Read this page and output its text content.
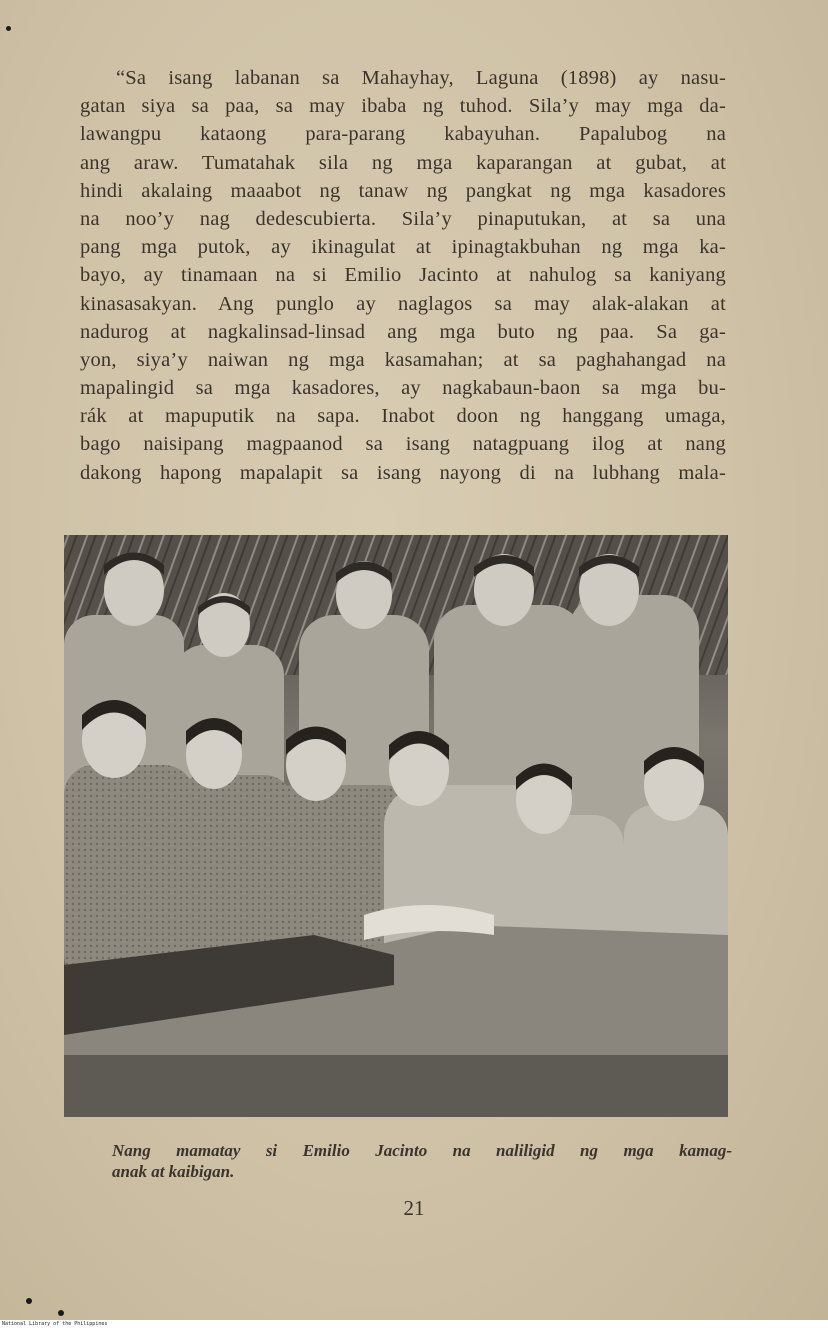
“Sa isang labanan sa Mahayhay, Laguna (1898) ay nasu-
gatan siya sa paa, sa may ibaba ng tuhod. Sila’y may mga da-
lawangpu kataong para-parang kabayuhan. Papalubog na
ang araw. Tumatahak sila ng mga kaparangan at gubat, at
hindi akalaing maaabot ng tanaw ng pangkat ng mga kasadores
na noo’y nag dedescubierta. Sila’y pinaputukan, at sa una
pang mga putok, ay ikinagulat at ipinagtakbuhan ng mga ka-
bayo, ay tinamaan na si Emilio Jacinto at nahulog sa kaniyang
kinasasakyan. Ang punglo ay naglagos sa may alak-alakan at
nadurog at nagkalinsad-linsad ang mga buto ng paa. Sa ga-
yon, siya’y naiwan ng mga kasamahan; at sa paghahangad na
mapalingid sa mga kasadores, ay nagkabaun-baon sa mga bu-
rák at mapuputik na sapa. Inabot doon ng hanggang umaga,
bago naisipang magpaanod sa isang natagpuang ilog at nang
dakong hapong mapalapit sa isang nayong di na lubhang mala-
Nang mamatay si Emilio Jacinto na naliligid ng mga kamag-
anak at kaibigan.
21
National Library of the Philippines
